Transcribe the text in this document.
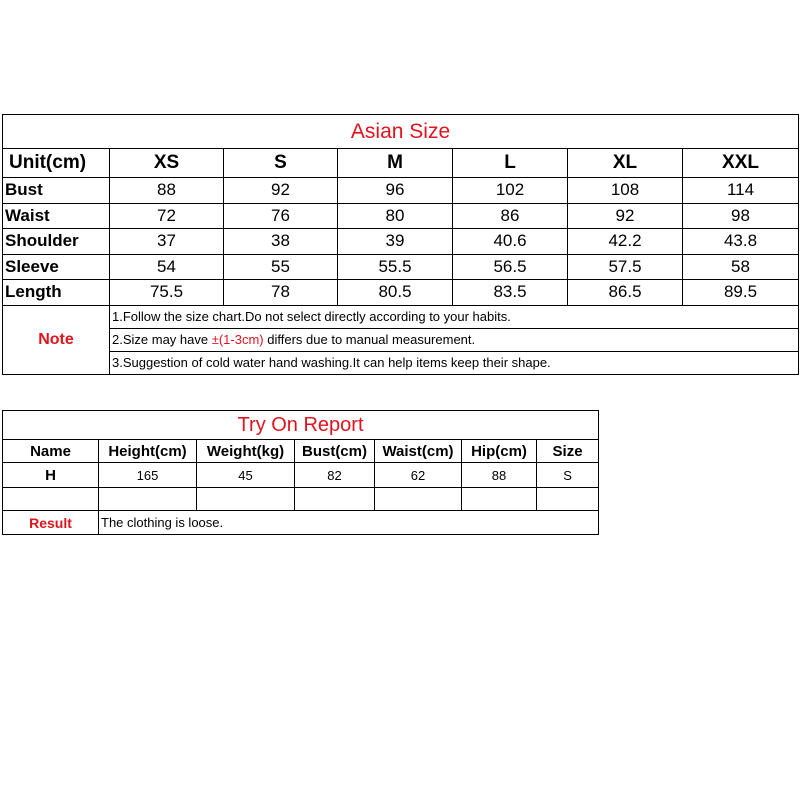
Asian Size						
Unit(cm)	XS	S	M	L	XL	XXL
Bust	88	92	96	102	108	114
Waist	72	76	80	86	92	98
Shoulder	37	38	39	40.6	42.2	43.8
Sleeve	54	55	55.5	56.5	57.5	58
Length	75.5	78	80.5	83.5	86.5	89.5
Note	1.Follow the size chart.Do not select directly according to your habits.					
	2.Size may have ±(1-3cm) differs due to manual measurement.					
	3.Suggestion of cold water hand washing.It can help items keep their shape.					
Try On Report						
Name	Height(cm)	Weight(kg)	Bust(cm)	Waist(cm)	Hip(cm)	Size
H	165	45	82	62	88	S

Result	The clothing is loose.					
